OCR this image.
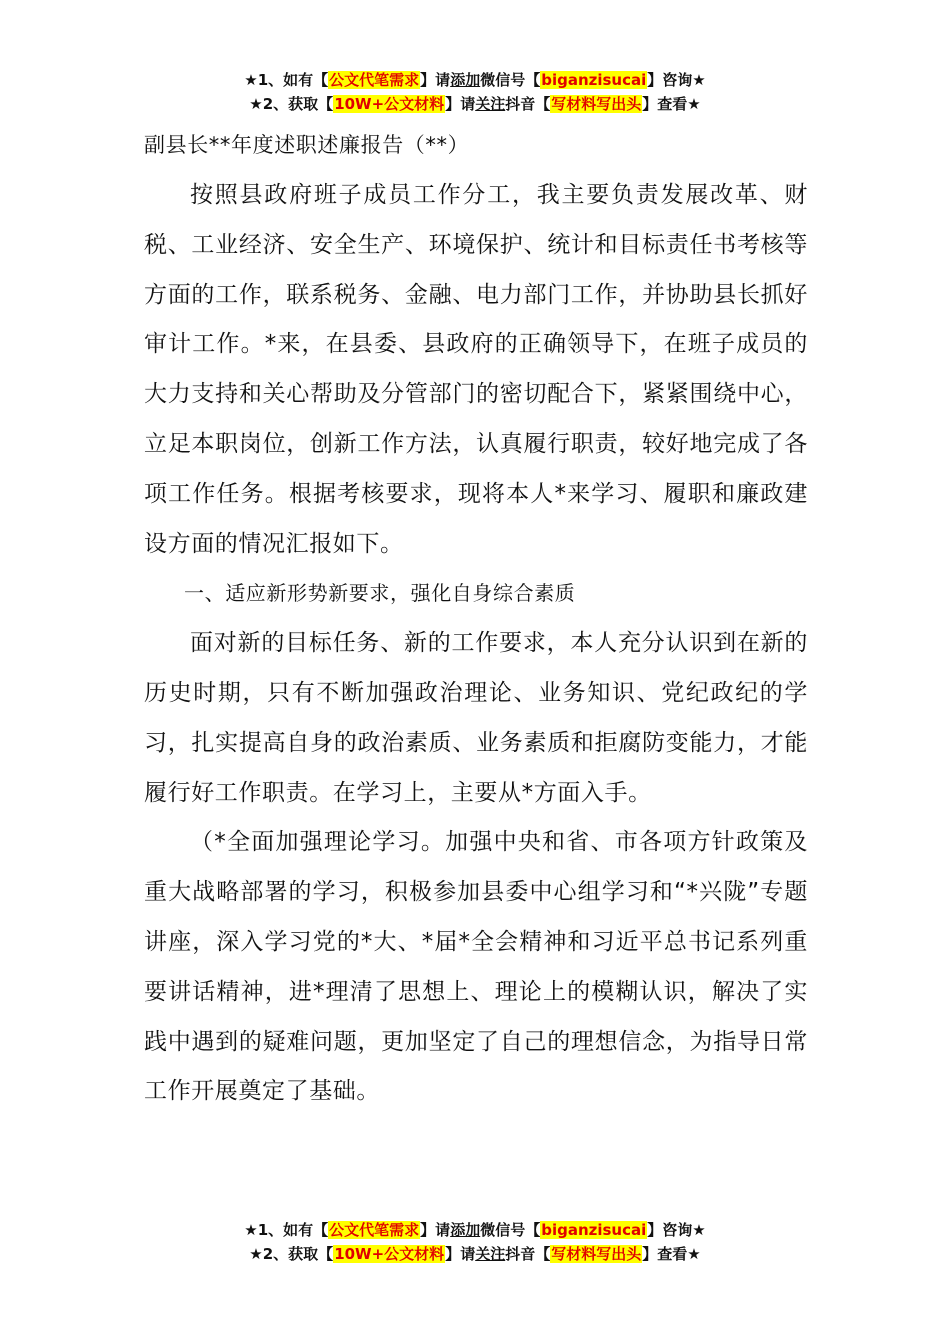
★1、如有【公文代笔需求】请添加微信号【biganzisucai】咨询★
★2、获取【10W+公文材料】请关注抖音【写材料写出头】查看★

副县长**年度述职述廉报告（**）

按照县政府班子成员工作分工，我主要负责发展改革、财税、工业经济、安全生产、环境保护、统计和目标责任书考核等方面的工作，联系税务、金融、电力部门工作，并协助县长抓好审计工作。*来，在县委、县政府的正确领导下，在班子成员的大力支持和关心帮助及分管部门的密切配合下，紧紧围绕中心，立足本职岗位，创新工作方法，认真履行职责，较好地完成了各项工作任务。根据考核要求，现将本人*来学习、履职和廉政建设方面的情况汇报如下。

一、适应新形势新要求，强化自身综合素质

面对新的目标任务、新的工作要求，本人充分认识到在新的历史时期，只有不断加强政治理论、业务知识、党纪政纪的学习，扎实提高自身的政治素质、业务素质和拒腐防变能力，才能履行好工作职责。在学习上，主要从*方面入手。

（*全面加强理论学习。加强中央和省、市各项方针政策及重大战略部署的学习，积极参加县委中心组学习和“*兴陇”专题讲座，深入学习党的*大、*届*全会精神和习近平总书记系列重要讲话精神，进*理清了思想上、理论上的模糊认识，解决了实践中遇到的疑难问题，更加坚定了自己的理想信念，为指导日常工作开展奠定了基础。

★1、如有【公文代笔需求】请添加微信号【biganzisucai】咨询★
★2、获取【10W+公文材料】请关注抖音【写材料写出头】查看★
